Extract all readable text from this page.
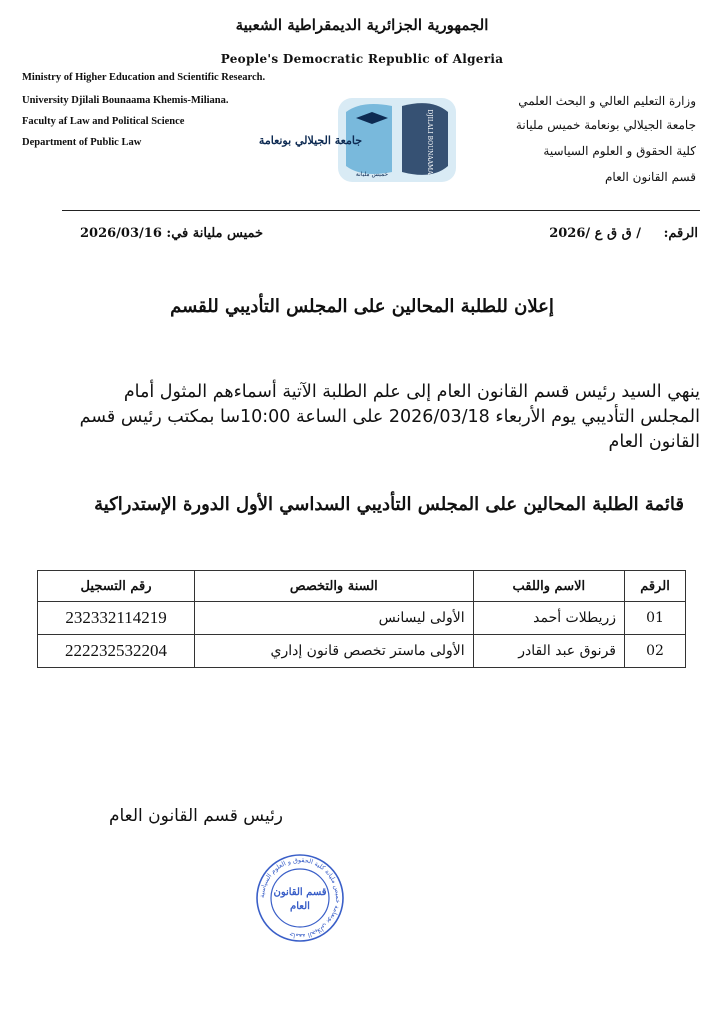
الجمهورية الجزائرية الديمقراطية الشعبية
People's Democratic Republic of Algeria
Ministry of Higher Education and Scientific Research.
University Djilali Bounaama Khemis-Miliana.
Faculty af Law and Political Science
Department of Public Law
وزارة التعليم العالي و البحث العلمي
جامعة الجيلالي بونعامة خميس مليانة
كلية الحقوق و العلوم السياسية
قسم القانون العام
جامعة الجيلالي بونعامة	DJILALI BOUNAAMA
خميس مليانة
الرقم:     / ق ق ع /2026
خميس مليانة في: 2026/03/16
إعلان للطلبة المحالين على المجلس التأديبي للقسم
ينهي السيد رئيس قسم القانون العام إلى علم الطلبة الآتية أسماءهم المثول أمام المجلس التأديبي يوم الأربعاء 2026/03/18 على الساعة 10:00سا بمكتب رئيس قسم القانون العام
قائمة الطلبة المحالين على المجلس التأديبي السداسي الأول الدورة الإستدراكية
الرقم	الاسم واللقب	السنة والتخصص	رقم التسجيل
01	زريطلات أحمد	الأولى ليسانس	232332114219
02	قرنوق عبد القادر	الأولى ماستر تخصص قانون إداري	222232532204
رئيس قسم القانون العام
جامعة الجيلالي بونعامة خميس مليانة كلية الحقوق و العلوم السياسية
قسم القانون
العام
